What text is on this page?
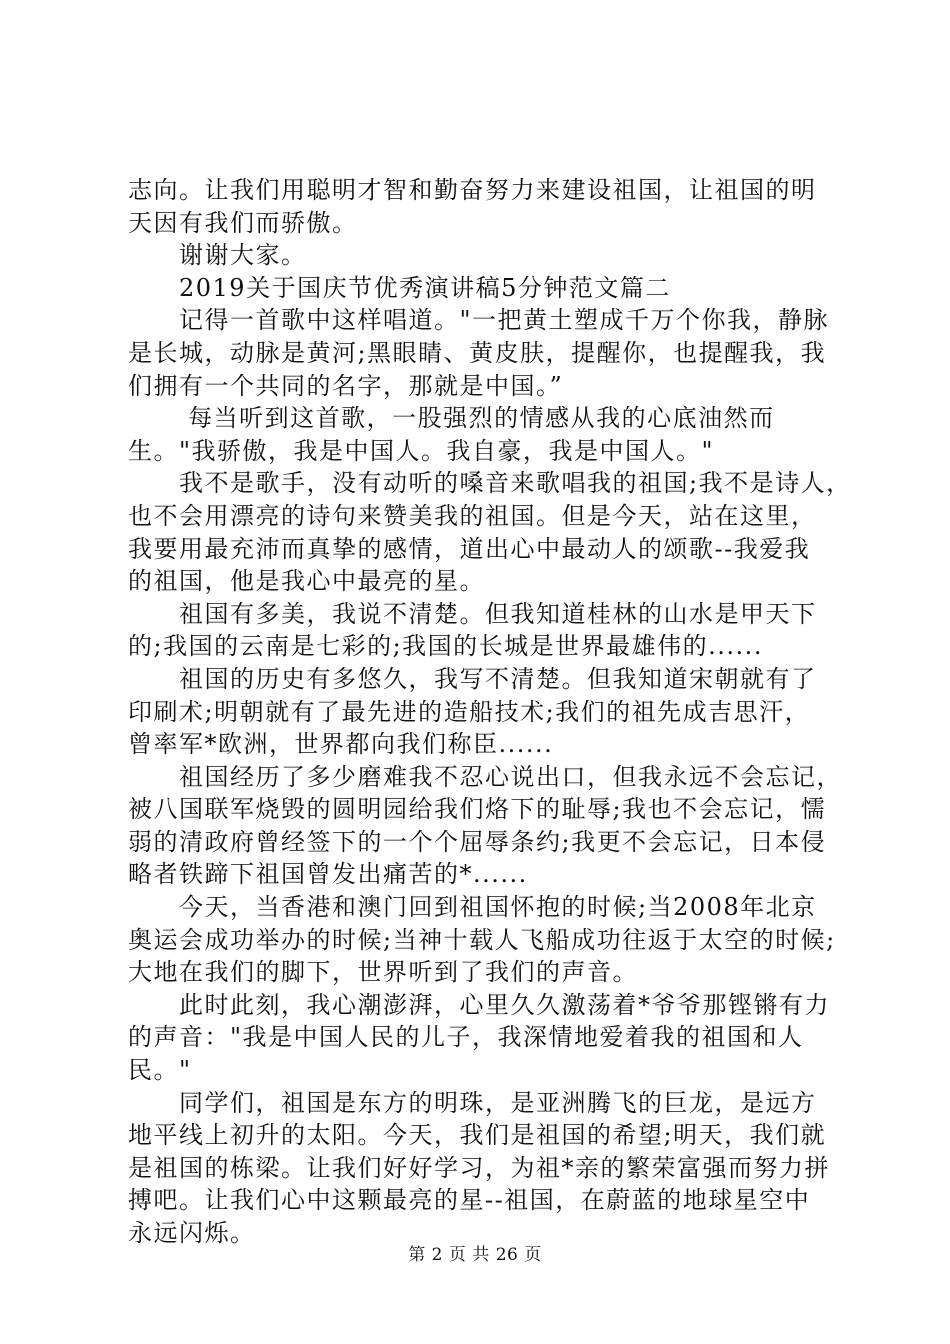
志向。让我们用聪明才智和勤奋努力来建设祖国，让祖国的明
天因有我们而骄傲。
　　谢谢大家。
　　2019关于国庆节优秀演讲稿5分钟范文篇二
　　记得一首歌中这样唱道。"一把黄土塑成千万个你我，静脉
是长城，动脉是黄河;黑眼睛、黄皮肤，提醒你，也提醒我，我
们拥有一个共同的名字，那就是中国。”
　　 每当听到这首歌，一股强烈的情感从我的心底油然而
生。"我骄傲，我是中国人。我自豪，我是中国人。"
　　我不是歌手，没有动听的嗓音来歌唱我的祖国;我不是诗人，
也不会用漂亮的诗句来赞美我的祖国。但是今天，站在这里，
我要用最充沛而真挚的感情，道出心中最动人的颂歌--我爱我
的祖国，他是我心中最亮的星。
　　祖国有多美，我说不清楚。但我知道桂林的山水是甲天下
的;我国的云南是七彩的;我国的长城是世界最雄伟的......
　　祖国的历史有多悠久，我写不清楚。但我知道宋朝就有了
印刷术;明朝就有了最先进的造船技术;我们的祖先成吉思汗，
曾率军*欧洲，世界都向我们称臣......
　　祖国经历了多少磨难我不忍心说出口，但我永远不会忘记，
被八国联军烧毁的圆明园给我们烙下的耻辱;我也不会忘记，懦
弱的清政府曾经签下的一个个屈辱条约;我更不会忘记，日本侵
略者铁蹄下祖国曾发出痛苦的*......
　　今天，当香港和澳门回到祖国怀抱的时候;当2008年北京
奥运会成功举办的时候;当神十载人飞船成功往返于太空的时候;
大地在我们的脚下，世界听到了我们的声音。
　　此时此刻，我心潮澎湃，心里久久激荡着*爷爷那铿锵有力
的声音："我是中国人民的儿子，我深情地爱着我的祖国和人
民。"
　　同学们，祖国是东方的明珠，是亚洲腾飞的巨龙，是远方
地平线上初升的太阳。今天，我们是祖国的希望;明天，我们就
是祖国的栋梁。让我们好好学习，为祖*亲的繁荣富强而努力拼
搏吧。让我们心中这颗最亮的星--祖国，在蔚蓝的地球星空中
永远闪烁。
第 2 页 共 26 页
